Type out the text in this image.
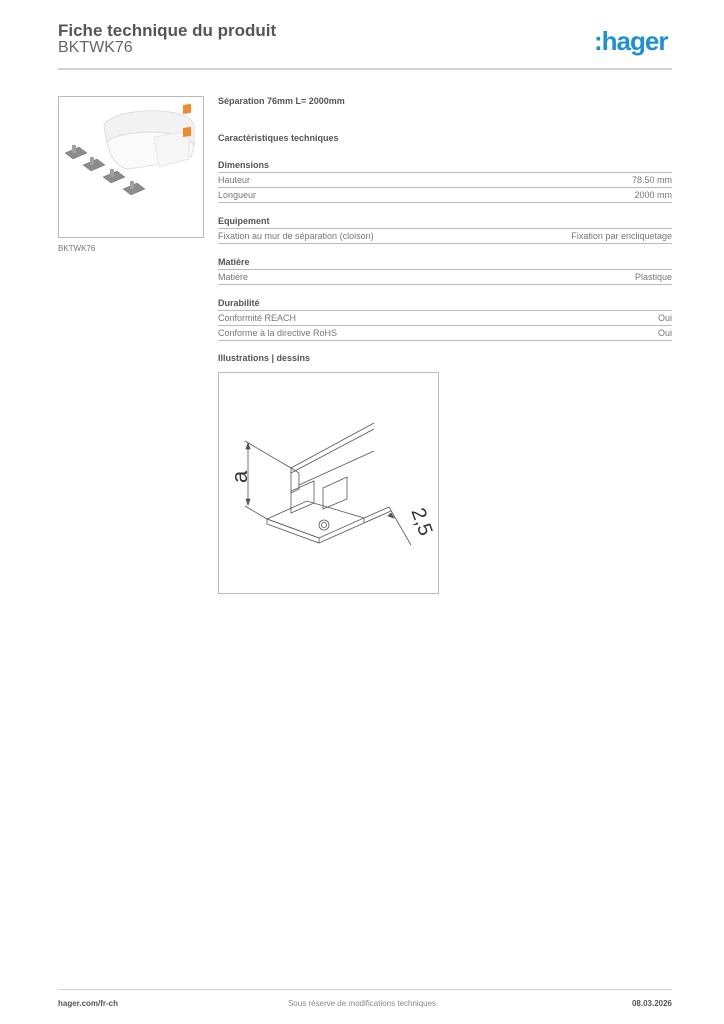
Fiche technique du produit
BKTWK76	:hager
BKTWK76
Séparation 76mm L= 2000mm
Caractéristiques techniques
Dimensions
Hauteur	78.50 mm
Longueur	2000 mm
Equipement
Fixation au mur de séparation (cloison)	Fixation par encliquetage
Matière
Matière	Plastique
Durabilité
Conformité REACH	Oui
Conforme à la directive RoHS	Oui
Illustrations | dessins
a
2,5
hager.com/fr-ch	Sous réserve de modifications techniques	08.03.2026
